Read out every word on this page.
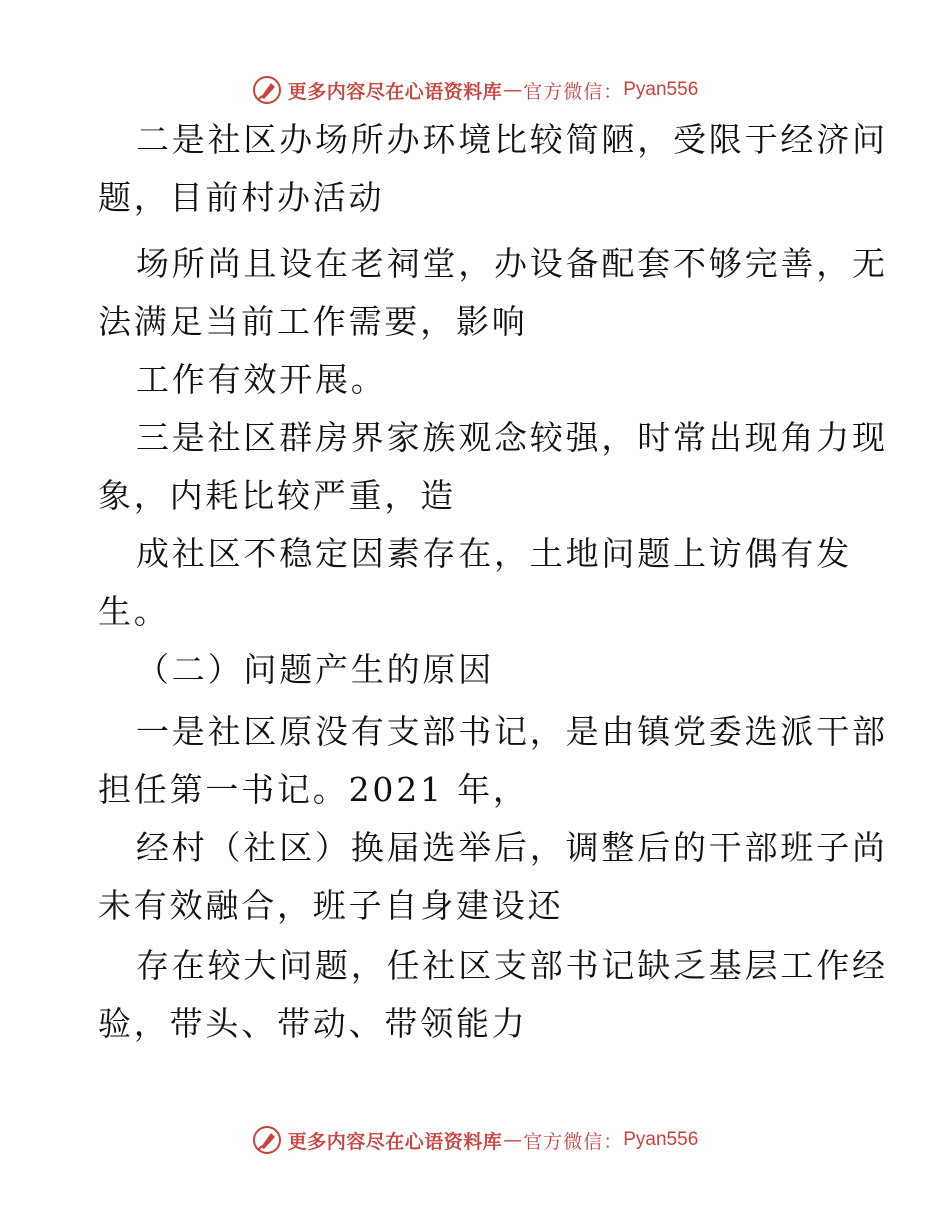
更多内容尽在心语资料库 — 官方微信： Pyan556
二是社区办场所办环境比较简陋，受限于经济问
题，目前村办活动
场所尚且设在老祠堂，办设备配套不够完善，无
法满足当前工作需要，影响
工作有效开展。
三是社区群房界家族观念较强，时常出现角力现
象，内耗比较严重，造
成社区不稳定因素存在，土地问题上访偶有发
生。
（二）问题产生的原因
一是社区原没有支部书记，是由镇党委选派干部
担任第一书记。2021 年，
经村（社区）换届选举后，调整后的干部班子尚
未有效融合，班子自身建设还
存在较大问题，任社区支部书记缺乏基层工作经
验，带头、带动、带领能力
更多内容尽在心语资料库 — 官方微信： Pyan556
